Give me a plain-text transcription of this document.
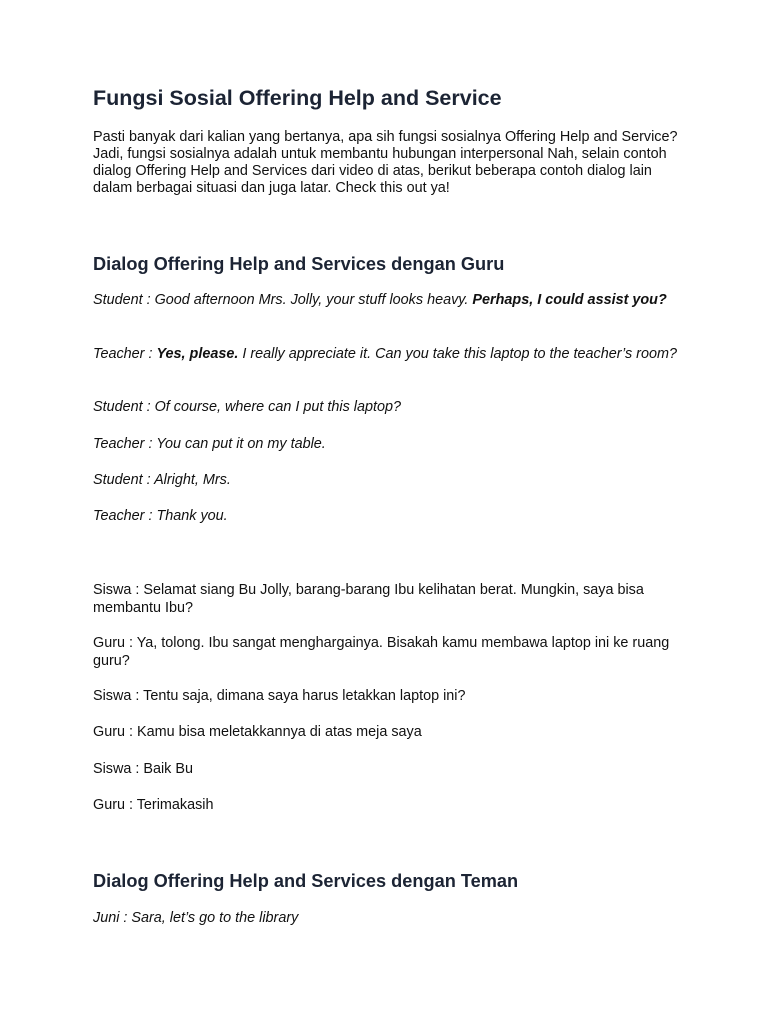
Fungsi Sosial Offering Help and Service

Pasti banyak dari kalian yang bertanya, apa sih fungsi sosialnya Offering Help and Service? Jadi, fungsi sosialnya adalah untuk membantu hubungan interpersonal Nah, selain contoh dialog Offering Help and Services dari video di atas, berikut beberapa contoh dialog lain dalam berbagai situasi dan juga latar. Check this out ya!

Dialog Offering Help and Services dengan Guru

Student : Good afternoon Mrs. Jolly, your stuff looks heavy. Perhaps, I could assist you?

Teacher : Yes, please. I really appreciate it. Can you take this laptop to the teacher’s room?

Student : Of course, where can I put this laptop?

Teacher : You can put it on my table.

Student : Alright, Mrs.

Teacher : Thank you.

Siswa : Selamat siang Bu Jolly, barang-barang Ibu kelihatan berat. Mungkin, saya bisa membantu Ibu?

Guru : Ya, tolong. Ibu sangat menghargainya. Bisakah kamu membawa laptop ini ke ruang guru?

Siswa : Tentu saja, dimana saya harus letakkan laptop ini?

Guru : Kamu bisa meletakkannya di atas meja saya

Siswa : Baik Bu

Guru : Terimakasih

Dialog Offering Help and Services dengan Teman

Juni : Sara, let’s go to the library
